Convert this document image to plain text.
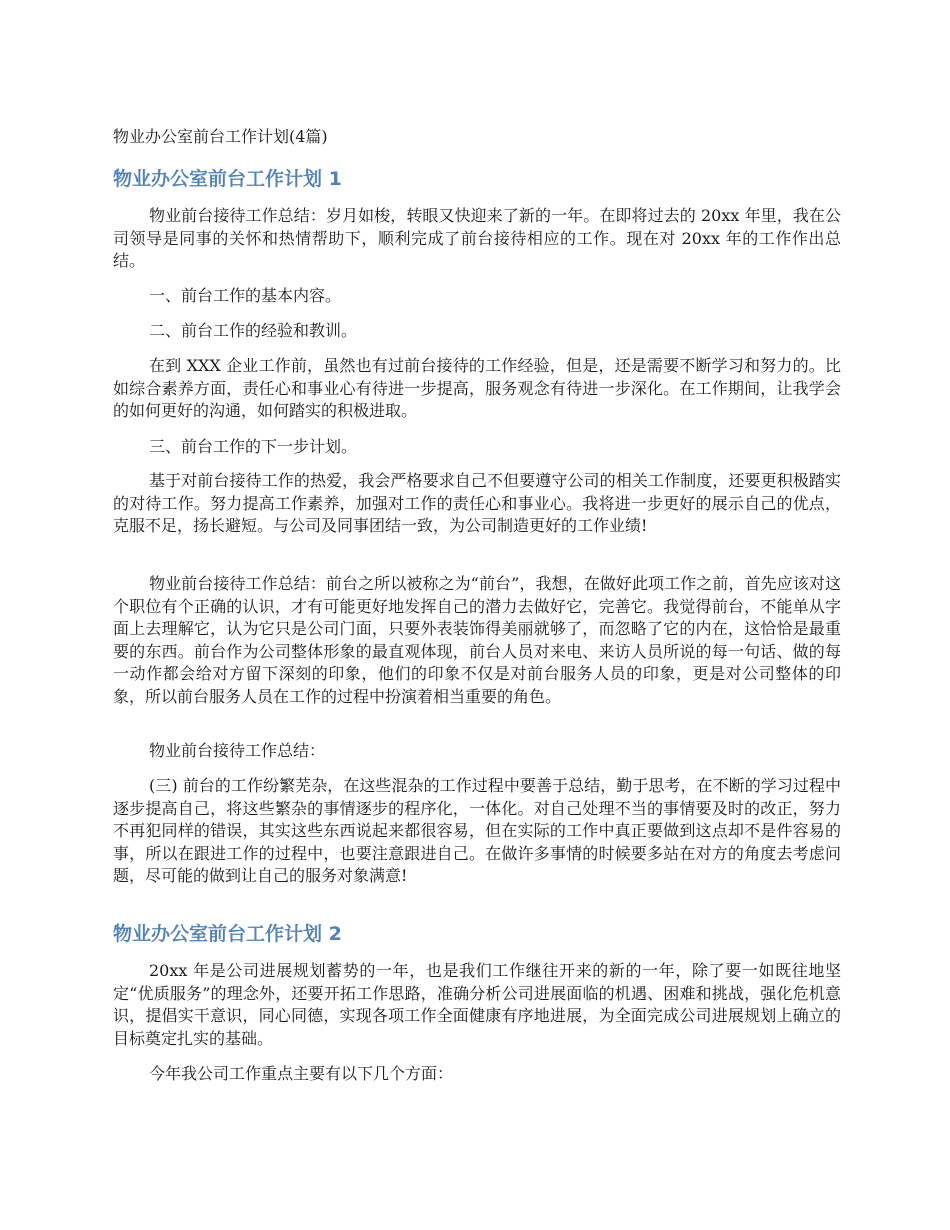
物业办公室前台工作计划(4篇)
物业办公室前台工作计划 1

物业前台接待工作总结：岁月如梭，转眼又快迎来了新的一年。在即将过去的 20xx 年里，我在公司领导是同事的关怀和热情帮助下，顺利完成了前台接待相应的工作。现在对 20xx 年的工作作出总结。

一、前台工作的基本内容。

二、前台工作的经验和教训。

在到 XXX 企业工作前，虽然也有过前台接待的工作经验，但是，还是需要不断学习和努力的。比如综合素养方面，责任心和事业心有待进一步提高，服务观念有待进一步深化。在工作期间，让我学会的如何更好的沟通，如何踏实的积极进取。

三、前台工作的下一步计划。

基于对前台接待工作的热爱，我会严格要求自己不但要遵守公司的相关工作制度，还要更积极踏实的对待工作。努力提高工作素养，加强对工作的责任心和事业心。我将进一步更好的展示自己的优点，克服不足，扬长避短。与公司及同事团结一致，为公司制造更好的工作业绩!

物业前台接待工作总结：前台之所以被称之为“前台”，我想，在做好此项工作之前，首先应该对这个职位有个正确的认识，才有可能更好地发挥自己的潜力去做好它，完善它。我觉得前台，不能单从字面上去理解它，认为它只是公司门面，只要外表装饰得美丽就够了，而忽略了它的内在，这恰恰是最重要的东西。前台作为公司整体形象的最直观体现，前台人员对来电、来访人员所说的每一句话、做的每一动作都会给对方留下深刻的印象，他们的印象不仅是对前台服务人员的印象，更是对公司整体的印象，所以前台服务人员在工作的过程中扮演着相当重要的角色。

物业前台接待工作总结：

(三) 前台的工作纷繁芜杂，在这些混杂的工作过程中要善于总结，勤于思考，在不断的学习过程中逐步提高自己，将这些繁杂的事情逐步的程序化，一体化。对自己处理不当的事情要及时的改正，努力不再犯同样的错误，其实这些东西说起来都很容易，但在实际的工作中真正要做到这点却不是件容易的事，所以在跟进工作的过程中，也要注意跟进自己。在做许多事情的时候要多站在对方的角度去考虑问题，尽可能的做到让自己的服务对象满意!

物业办公室前台工作计划 2

20xx 年是公司进展规划蓄势的一年，也是我们工作继往开来的新的一年，除了要一如既往地坚定“优质服务”的理念外，还要开拓工作思路，准确分析公司进展面临的机遇、困难和挑战，强化危机意识，提倡实干意识，同心同德，实现各项工作全面健康有序地进展，为全面完成公司进展规划上确立的目标奠定扎实的基础。

今年我公司工作重点主要有以下几个方面：
